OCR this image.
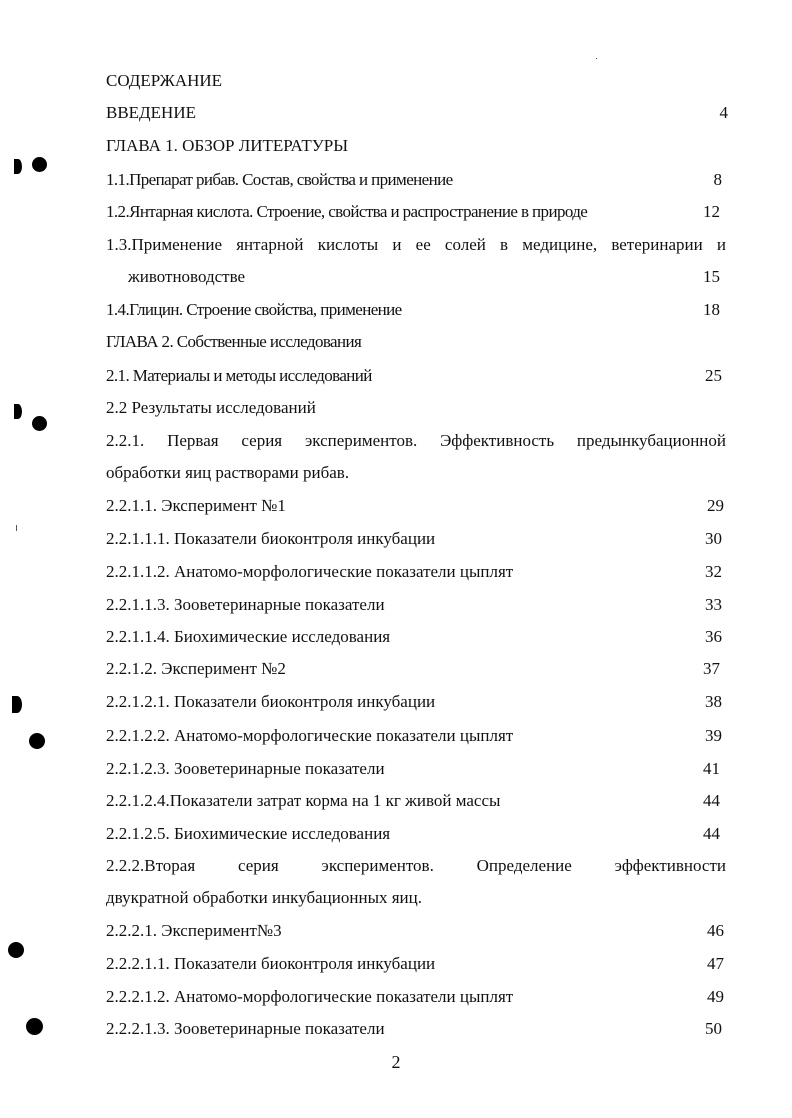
СОДЕРЖАНИЕ
ВВЕДЕНИЕ	4
ГЛАВА 1. ОБЗОР ЛИТЕРАТУРЫ
1.1.Препарат рибав. Состав, свойства и применение	8
1.2.Янтарная кислота. Строение, свойства и распространение в природе	12
1.3.Применение янтарной кислоты и ее солей в медицине, ветеринарии и
животноводстве	15
1.4.Глицин. Строение свойства, применение	18
ГЛАВА 2. Собственные исследования
2.1. Материалы и методы исследований	25
2.2 Результаты исследований
2.2.1. Первая серия экспериментов. Эффективность предынкубационной
обработки яиц растворами рибав.
2.2.1.1. Эксперимент №1	29
2.2.1.1.1. Показатели биоконтроля инкубации	30
2.2.1.1.2. Анатомо-морфологические показатели цыплят	32
2.2.1.1.3. Зооветеринарные показатели	33
2.2.1.1.4. Биохимические исследования	36
2.2.1.2. Эксперимент №2	37
2.2.1.2.1. Показатели биоконтроля инкубации	38
2.2.1.2.2. Анатомо-морфологические показатели цыплят	39
2.2.1.2.3. Зооветеринарные показатели	41
2.2.1.2.4.Показатели затрат корма на 1 кг живой массы	44
2.2.1.2.5. Биохимические исследования	44
2.2.2.Вторая серия экспериментов. Определение эффективности
двукратной обработки инкубационных яиц.
2.2.2.1. Эксперимент№3	46
2.2.2.1.1. Показатели биоконтроля инкубации	47
2.2.2.1.2. Анатомо-морфологические показатели цыплят	49
2.2.2.1.3. Зооветеринарные показатели	50
2
